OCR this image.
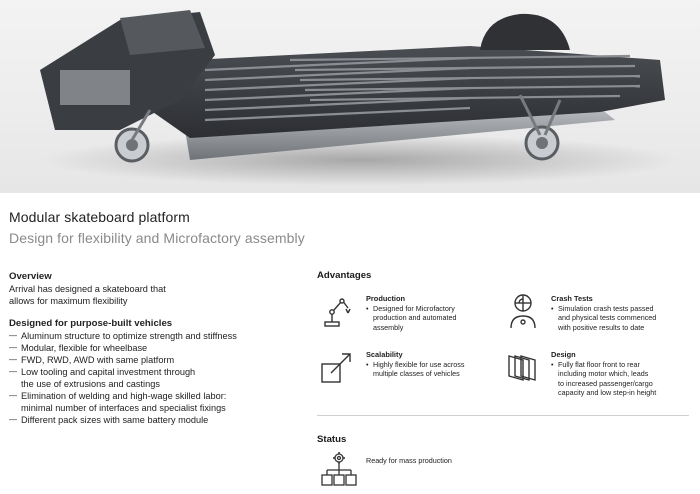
Modular skateboard platform
Design for flexibility and Microfactory assembly
Overview

Arrival has designed a skateboard that

allows for maximum flexibility

Designed for purpose-built vehicles
— Aluminum structure to optimize strength and stiffness
— Modular, flexible for wheelbase
— FWD, RWD, AWD with same platform
— Low tooling and capital investment through
the use of extrusions and castings
— Elimination of welding and high-wage skilled labor:
minimal number of interfaces and specialist fixings
— Different pack sizes with same battery module
Advantages
Production
• Designed for Microfactory
production and automated
assembly
Crash Tests
• Simulation crash tests passed
and physical tests commenced
with positive results to date
Scalability
• Highly flexible for use across
multiple classes of vehicles
Design
• Fully flat floor front to rear
including motor which, leads
to increased passenger/cargo
capacity and low step-in height
Status
Ready for mass production
